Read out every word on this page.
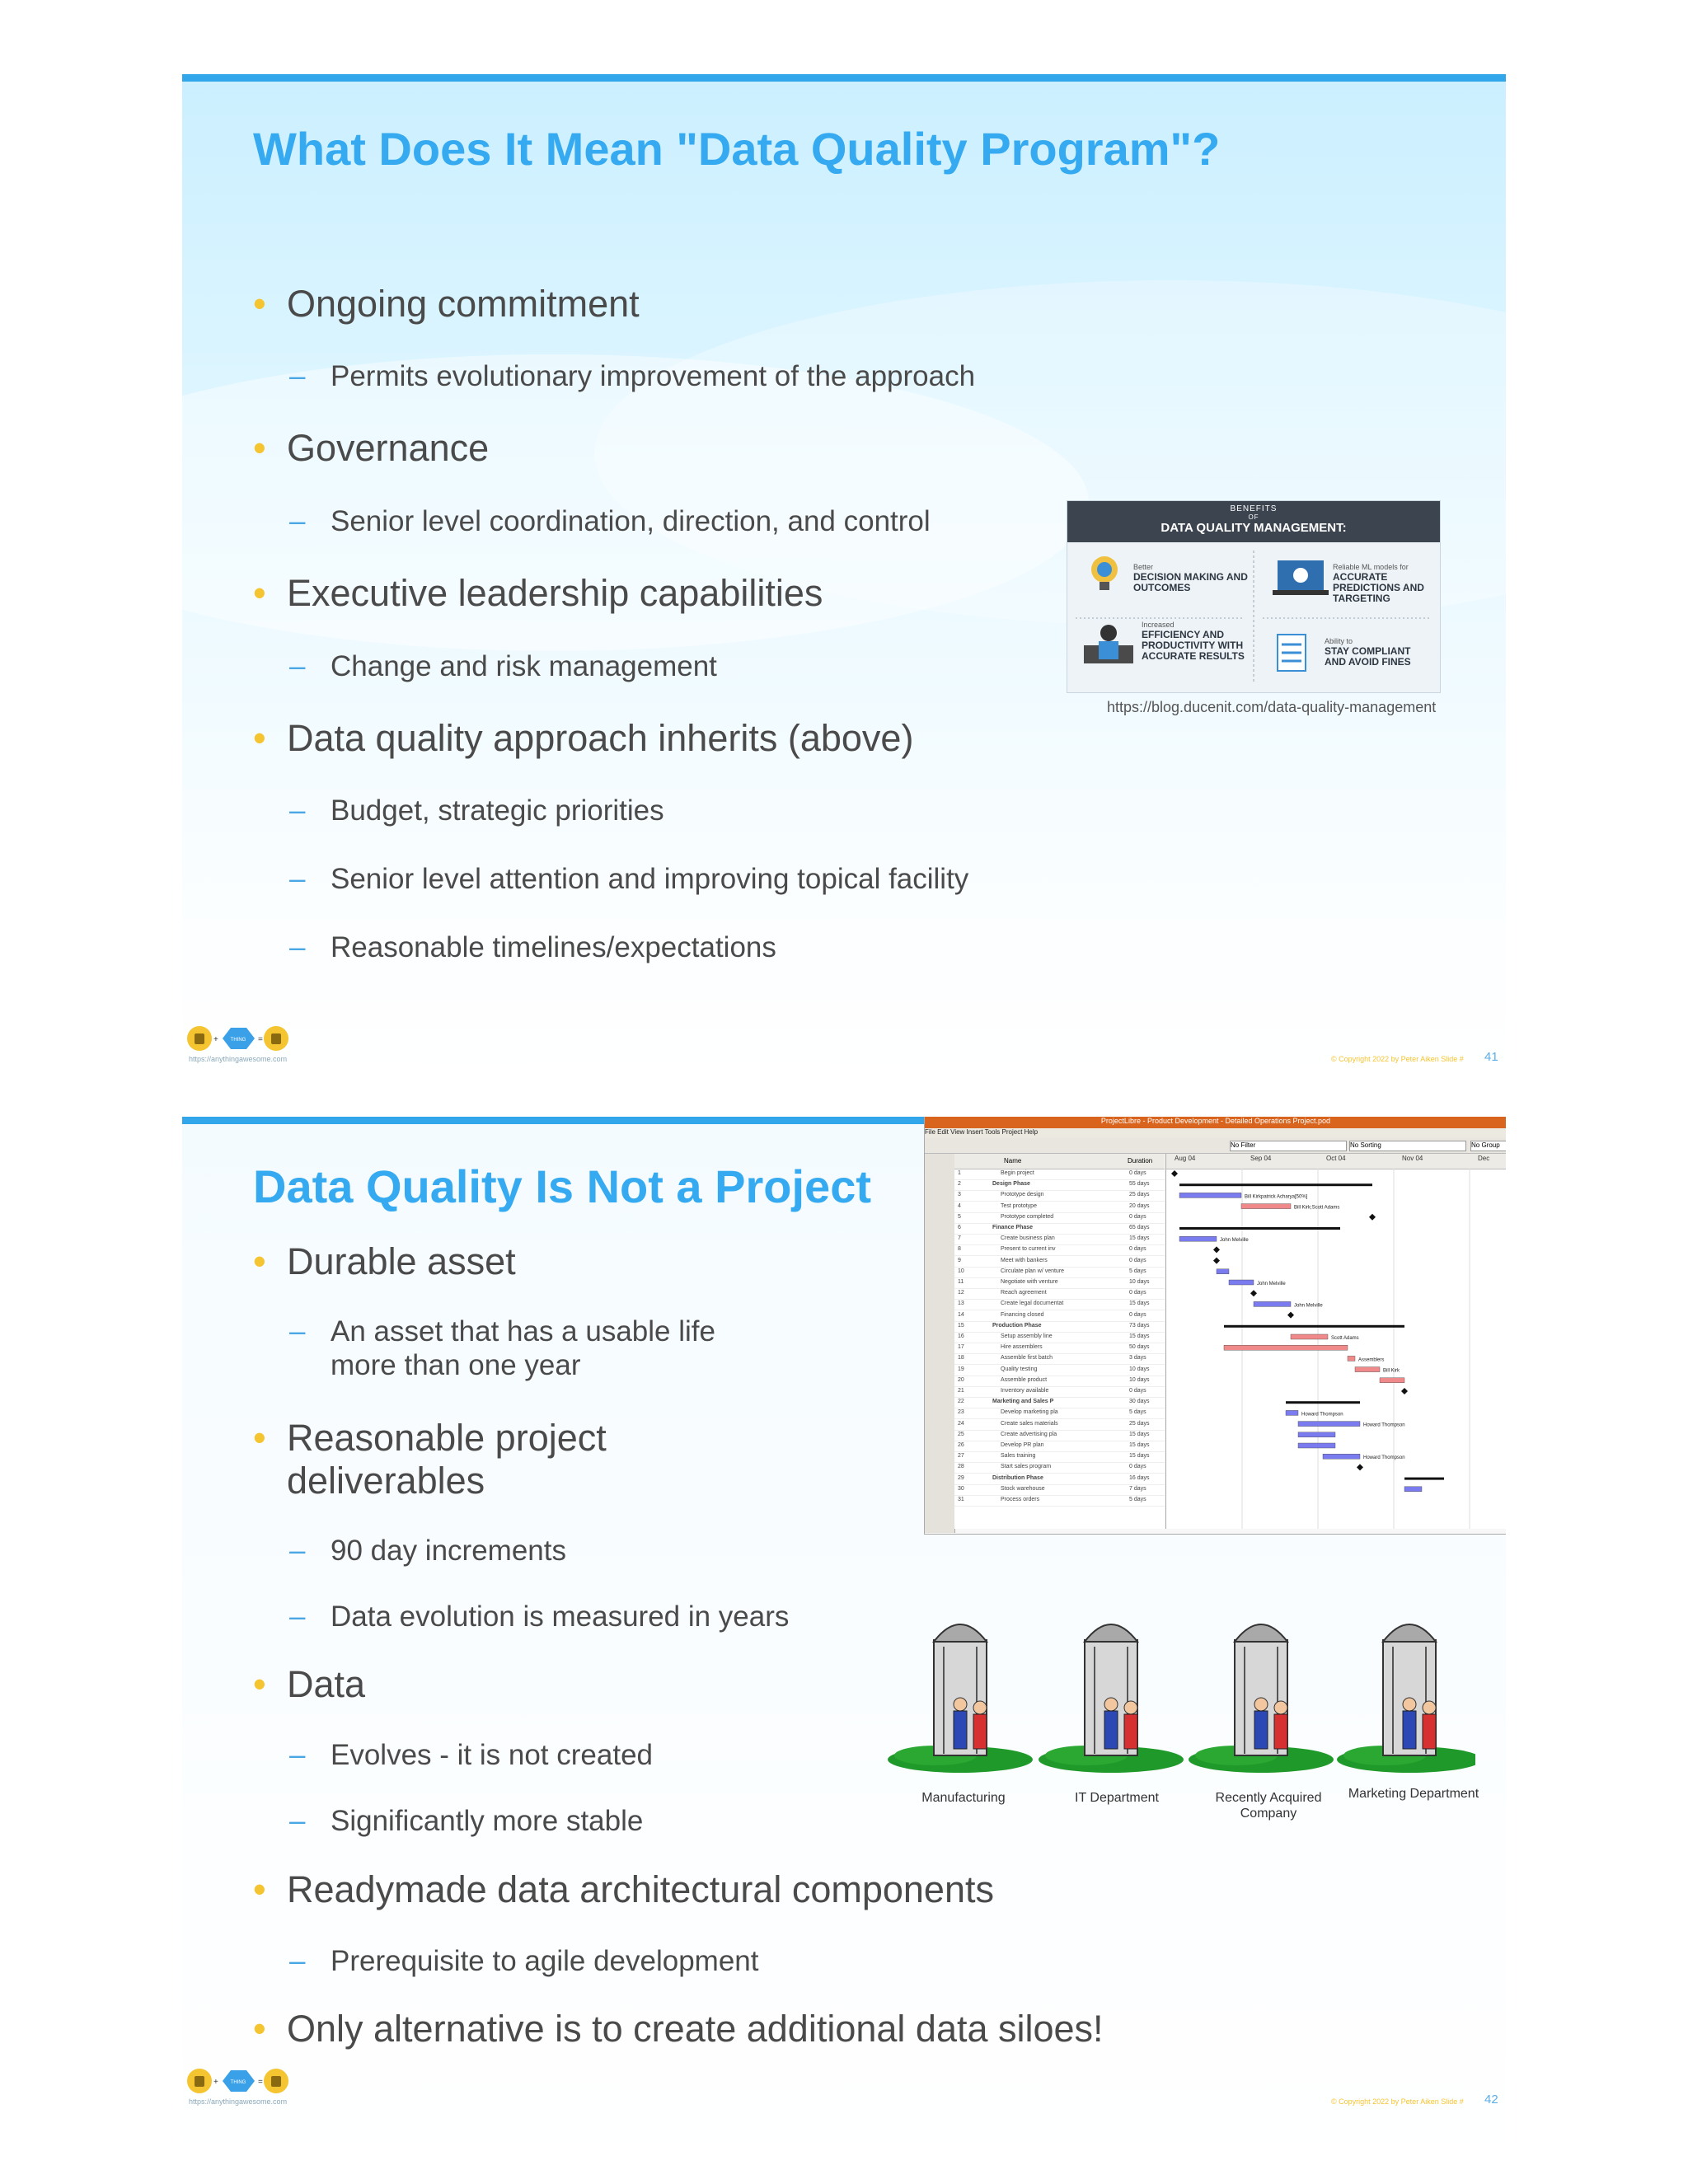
What Does It Mean "Data Quality Program"?
• Ongoing commitment
– Permits evolutionary improvement of the approach
• Governance
– Senior level coordination, direction, and control
• Executive leadership capabilities
– Change and risk management
• Data quality approach inherits (above)
– Budget, strategic priorities
– Senior level attention and improving topical facility
– Reasonable timelines/expectations
BENEFITS
OF
DATA QUALITY MANAGEMENT:
Better
DECISION MAKING AND OUTCOMES
Reliable ML models for
ACCURATE PREDICTIONS AND TARGETING
Increased
EFFICIENCY AND PRODUCTIVITY WITH ACCURATE RESULTS
Ability to
STAY COMPLIANT AND AVOID FINES
https://blog.ducenit.com/data-quality-management
+ THING =
https://anythingawesome.com	© Copyright 2022 by Peter Aiken Slide # 41
Data Quality Is Not a Project
• Durable asset
– An asset that has a usable life more than one year
• Reasonable project deliverables
– 90 day increments
– Data evolution is measured in years
• Data
– Evolves - it is not created
– Significantly more stable
• Readymade data architectural components
– Prerequisite to agile development
• Only alternative is to create additional data siloes!
ProjectLibre - Product Development - Detailed Operations Project.pod
File Edit View Insert Tools Project Help
No Filter	No Sorting	No Group
Name	Duration
1	Begin project	0 days
2	Design Phase	55 days
3	Prototype design	25 days
4	Test prototype	20 days
5	Prototype completed	0 days
6	Finance Phase	65 days
7	Create business plan	15 days
8	Present to current inv	0 days
9	Meet with bankers	0 days
10	Circulate plan w/ venture	5 days
11	Negotiate with venture	10 days
12	Reach agreement	0 days
13	Create legal documentat	15 days
14	Financing closed	0 days
15	Production Phase	73 days
16	Setup assembly line	15 days
17	Hire assemblers	50 days
18	Assemble first batch	3 days
19	Quality testing	10 days
20	Assemble product	10 days
21	Inventory available	0 days
22	Marketing and Sales P	30 days
23	Develop marketing pla	5 days
24	Create sales materials	25 days
25	Create advertising pla	15 days
26	Develop PR plan	15 days
27	Sales training	15 days
28	Start sales program	0 days
29	Distribution Phase	16 days
30	Stock warehouse	7 days
31	Process orders	5 days
Aug 04	Sep 04	Oct 04	Nov 04	Dec
Bill Kirkpatrick Acharya[50%]
Bill Kirk;Scott Adams
John Melville
John Melville
John Melville
Scott Adams
Assemblers
Bill Kirk
Howard Thompson
Howard Thompson
Howard Thompson
Manufacturing	IT Department	Recently Acquired Company
Marketing Department
+ THING =
https://anythingawesome.com	© Copyright 2022 by Peter Aiken Slide # 42
